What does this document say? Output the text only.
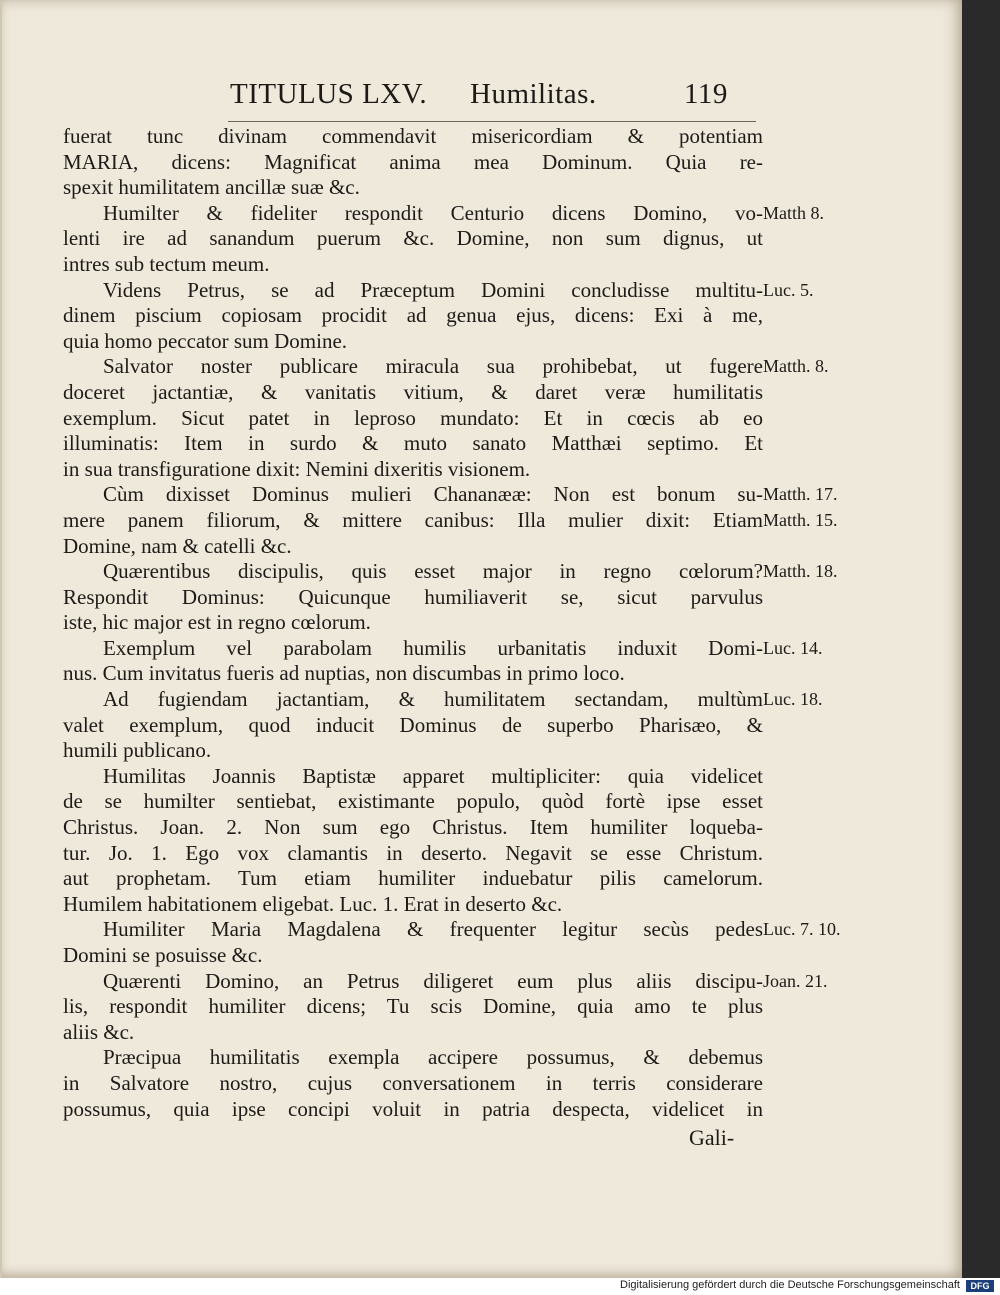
TITULUS LXV. Humilitas.	119
fuerat tunc divinam commendavit misericordiam & potentiam
MARIA, dicens: Magnificat anima mea Dominum. Quia re-
spexit humilitatem ancillæ suæ &c.
Humilter & fideliter respondit Centurio dicens Domino, vo- Matth 8.
lenti ire ad sanandum puerum &c. Domine, non sum dignus, ut
intres sub tectum meum.
Videns Petrus, se ad Præceptum Domini concludisse multitu- Luc. 5.
dinem piscium copiosam procidit ad genua ejus, dicens: Exi à me,
quia homo peccator sum Domine.
Salvator noster publicare miracula sua prohibebat, ut fugere Matth. 8.
doceret jactantiæ, & vanitatis vitium, & daret veræ humilitatis
exemplum. Sicut patet in leproso mundato: Et in cœcis ab eo
illuminatis: Item in surdo & muto sanato Matthæi septimo. Et
in sua transfiguratione dixit: Nemini dixeritis visionem.
Cùm dixisset Dominus mulieri Chananææ: Non est bonum su- Matth. 17.
mere panem filiorum, & mittere canibus: Illa mulier dixit: Etiam Matth. 15.
Domine, nam & catelli &c.
Quærentibus discipulis, quis esset major in regno cœlorum? Matth. 18.
Respondit Dominus: Quicunque humiliaverit se, sicut parvulus
iste, hic major est in regno cœlorum.
Exemplum vel parabolam humilis urbanitatis induxit Domi- Luc. 14.
nus. Cum invitatus fueris ad nuptias, non discumbas in primo loco.
Ad fugiendam jactantiam, & humilitatem sectandam, multùm Luc. 18.
valet exemplum, quod inducit Dominus de superbo Pharisæo, &
humili publicano.
Humilitas Joannis Baptistæ apparet multipliciter: quia videlicet
de se humilter sentiebat, existimante populo, quòd fortè ipse esset
Christus. Joan. 2. Non sum ego Christus. Item humiliter loqueba-
tur. Jo. 1. Ego vox clamantis in deserto. Negavit se esse Christum.
aut prophetam. Tum etiam humiliter induebatur pilis camelorum.
Humilem habitationem eligebat. Luc. 1. Erat in deserto &c.
Humiliter Maria Magdalena & frequenter legitur secùs pedes Luc. 7. 10.
Domini se posuisse &c.
Quærenti Domino, an Petrus diligeret eum plus aliis discipu- Joan. 21.
lis, respondit humiliter dicens; Tu scis Domine, quia amo te plus
aliis &c.
Præcipua humilitatis exempla accipere possumus, & debemus
in Salvatore nostro, cujus conversationem in terris considerare
possumus, quia ipse concipi voluit in patria despecta, videlicet in
Gali-
Digitalisierung gefördert durch die Deutsche Forschungsgemeinschaft	DFG
